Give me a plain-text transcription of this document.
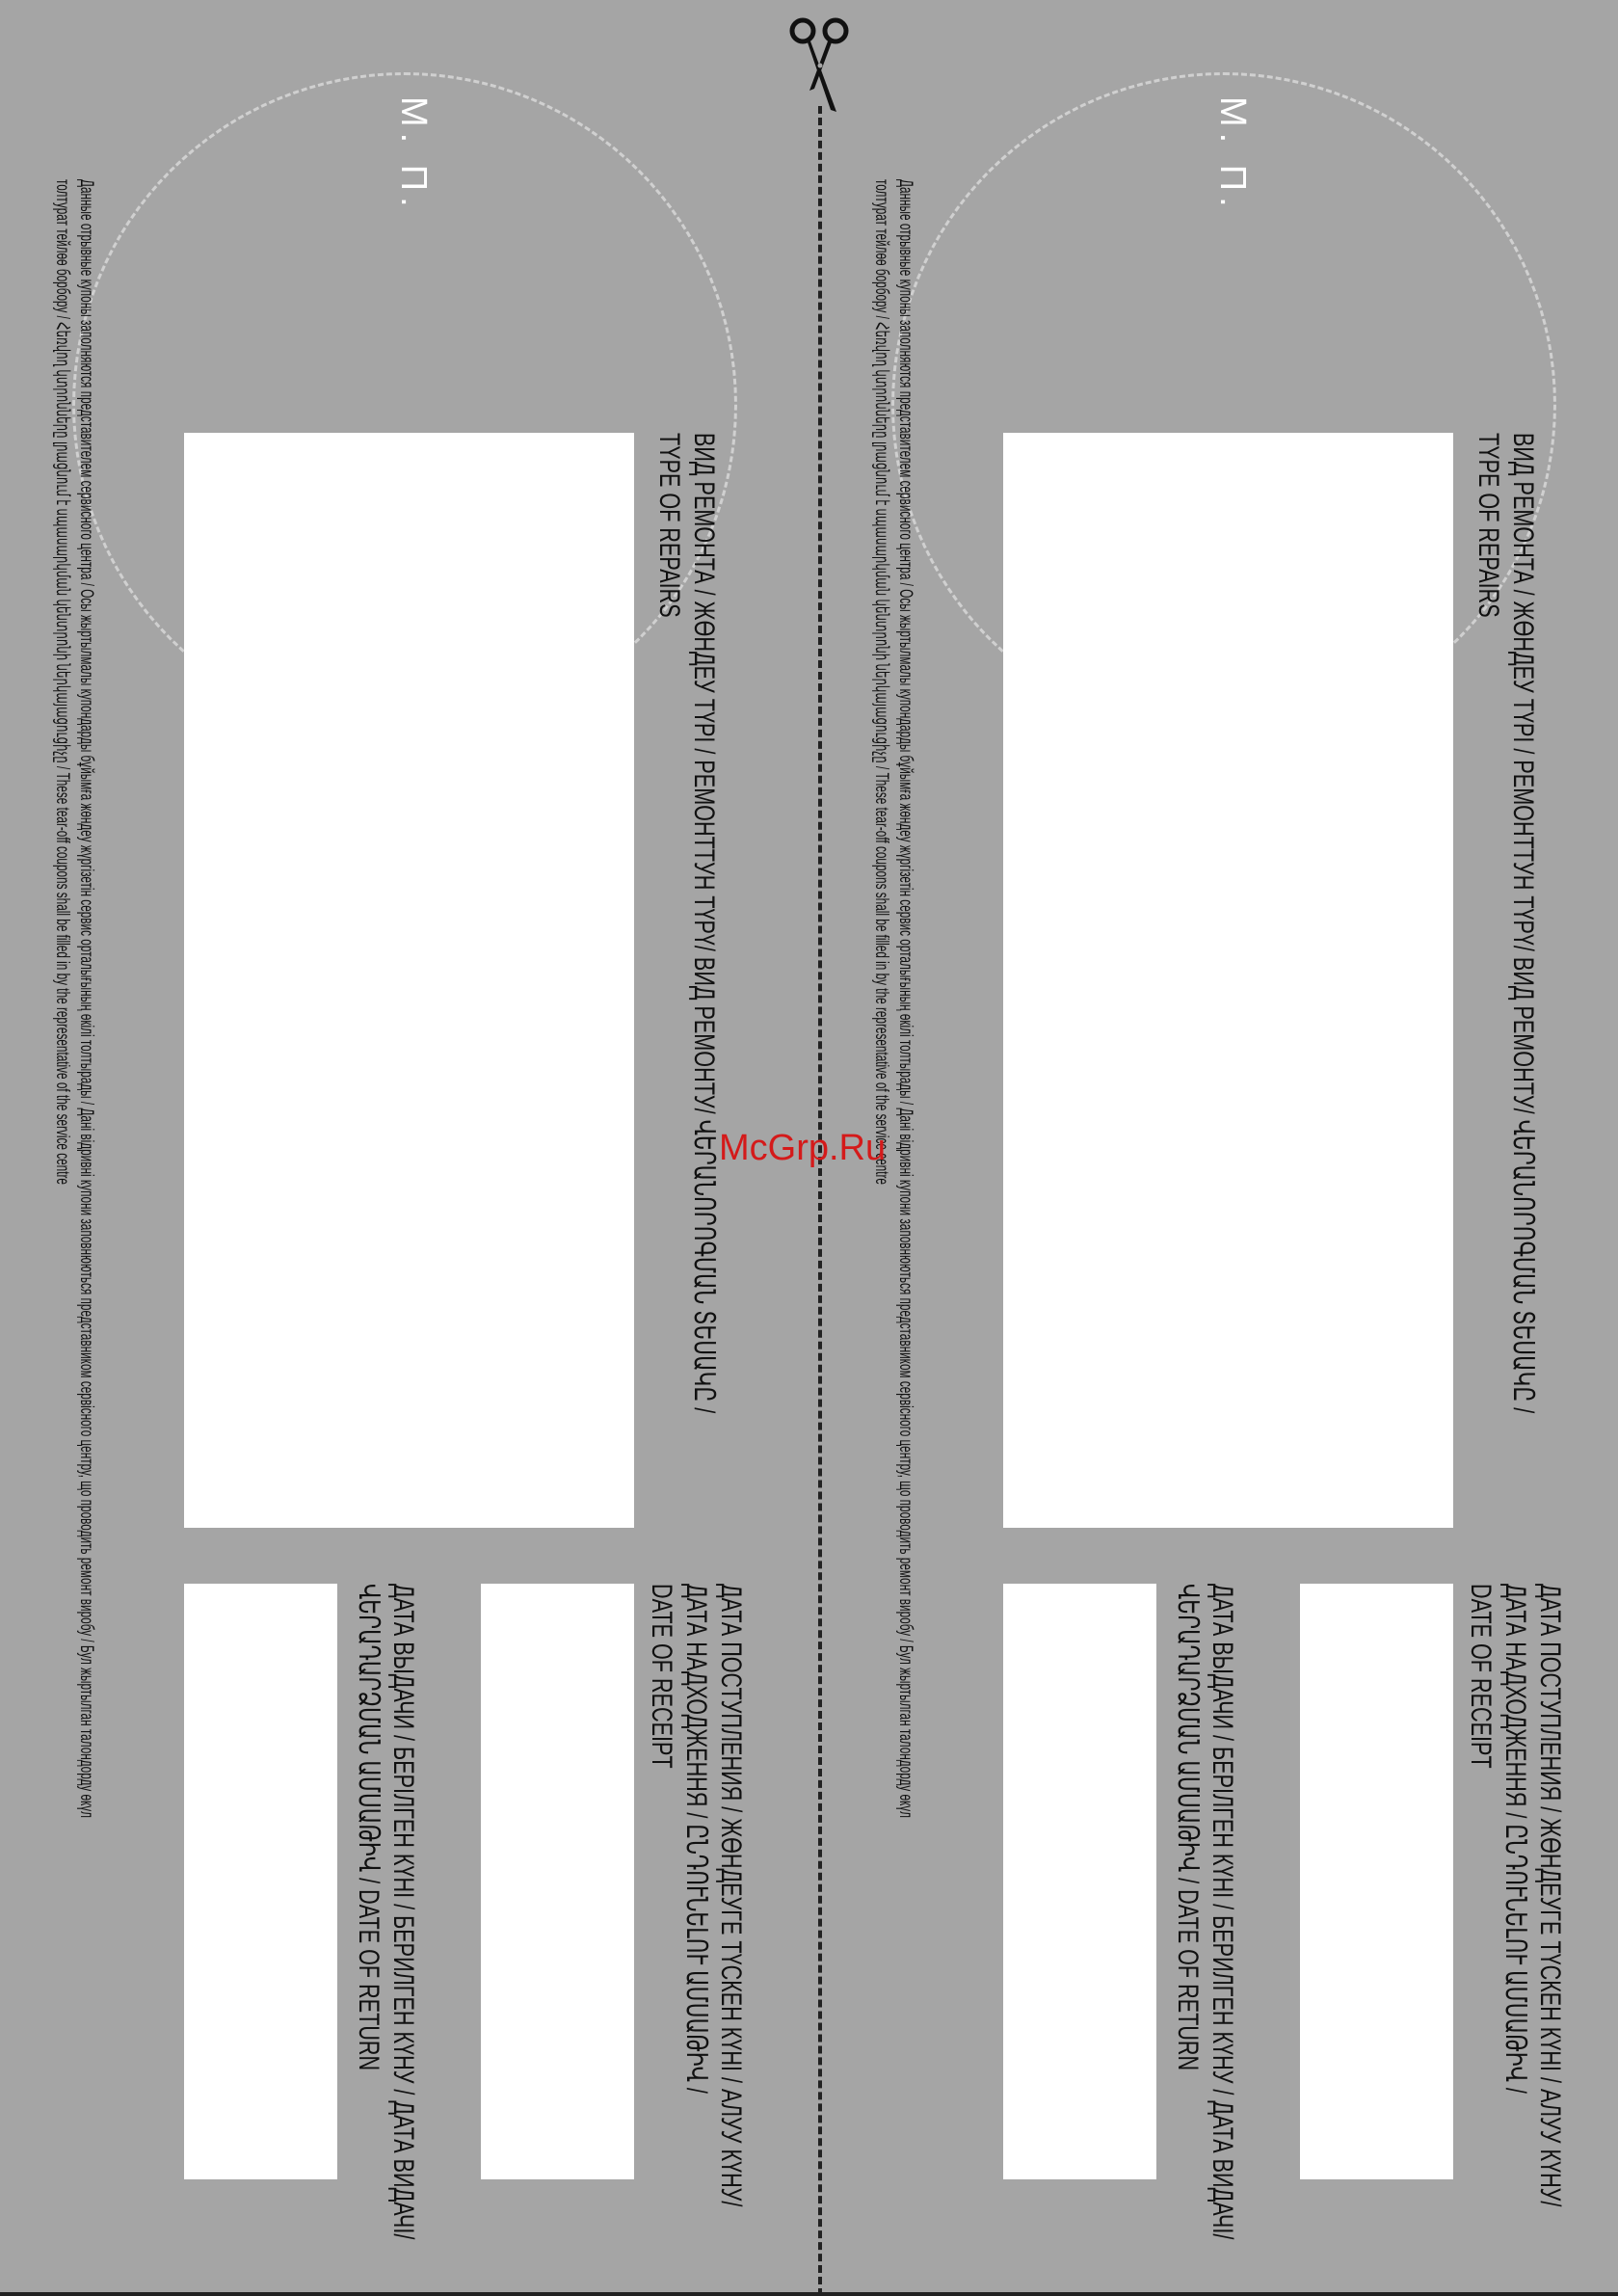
М. П.
ВИД РЕМОНТА / ЖӨНДЕУ ТҮРІ / РЕМОНТТУН ТҮРҮ/ ВИД РЕМОНТУ/ ՎԵՐԱՆՈՐՈԳՄԱՆ ՏԵՍԱԿԸ /
TYPE OF REPAIRS
ДАТА ПОСТУПЛЕНИЯ / ЖӨНДЕУГЕ ТҮСКЕН КҮНІ / АЛУУ КҮНУ/
ДАТА НАДХОДЖЕННЯ / ԸՆԴՈՒՆԵԼՈՒ ԱՄՍԱԹԻՎ /
DATE OF RECEIPT
ДАТА ВЫДАЧИ / БЕРІЛГЕН КҮНІ / БЕРИЛГЕН КҮНУ / ДАТА ВИДАЧІ/
ՎԵՐԱԴԱՐՁՄԱՆ ԱՄՍԱԹԻՎ / DATE OF RETURN
Данные отрывные купоны заполняются представителем сервисного центра / Осы жыртылмалы купондарды бұйымға жөндеу жүргізетін сервис орталығының өкілі толтырады / Дані відривні купони заповнюються представником сервісного центру, що проводить ремонт виробу / Бул жыртылган талондорду өкүл
толтурат тейлөө борбору / Հեռվող կտրոնները լրացնում է սպասարկման կենտրոնի ներկայացուցիչը / These tear-off coupons shall be filled in by the representative of the service centre
М. П.
ВИД РЕМОНТА / ЖӨНДЕУ ТҮРІ / РЕМОНТТУН ТҮРҮ/ ВИД РЕМОНТУ/ ՎԵՐԱՆՈՐՈԳՄԱՆ ՏԵՍԱԿԸ /
TYPE OF REPAIRS
ДАТА ПОСТУПЛЕНИЯ / ЖӨНДЕУГЕ ТҮСКЕН КҮНІ / АЛУУ КҮНУ/
ДАТА НАДХОДЖЕННЯ / ԸՆԴՈՒՆԵԼՈՒ ԱՄՍԱԹԻՎ /
DATE OF RECEIPT
ДАТА ВЫДАЧИ / БЕРІЛГЕН КҮНІ / БЕРИЛГЕН КҮНУ / ДАТА ВИДАЧІ/
ՎԵՐԱԴԱՐՁՄԱՆ ԱՄՍԱԹԻՎ / DATE OF RETURN
Данные отрывные купоны заполняются представителем сервисного центра / Осы жыртылмалы купондарды бұйымға жөндеу жүргізетін сервис орталығының өкілі толтырады / Дані відривні купони заповнюються представником сервісного центру, що проводить ремонт виробу / Бул жыртылган талондорду өкүл
толтурат тейлөө борбору / Հեռվող կտրոնները լրացնում է սպասարկման կենտրոնի ներկայացուցիչը / These tear-off coupons shall be filled in by the representative of the service centre
McGrp.Ru
